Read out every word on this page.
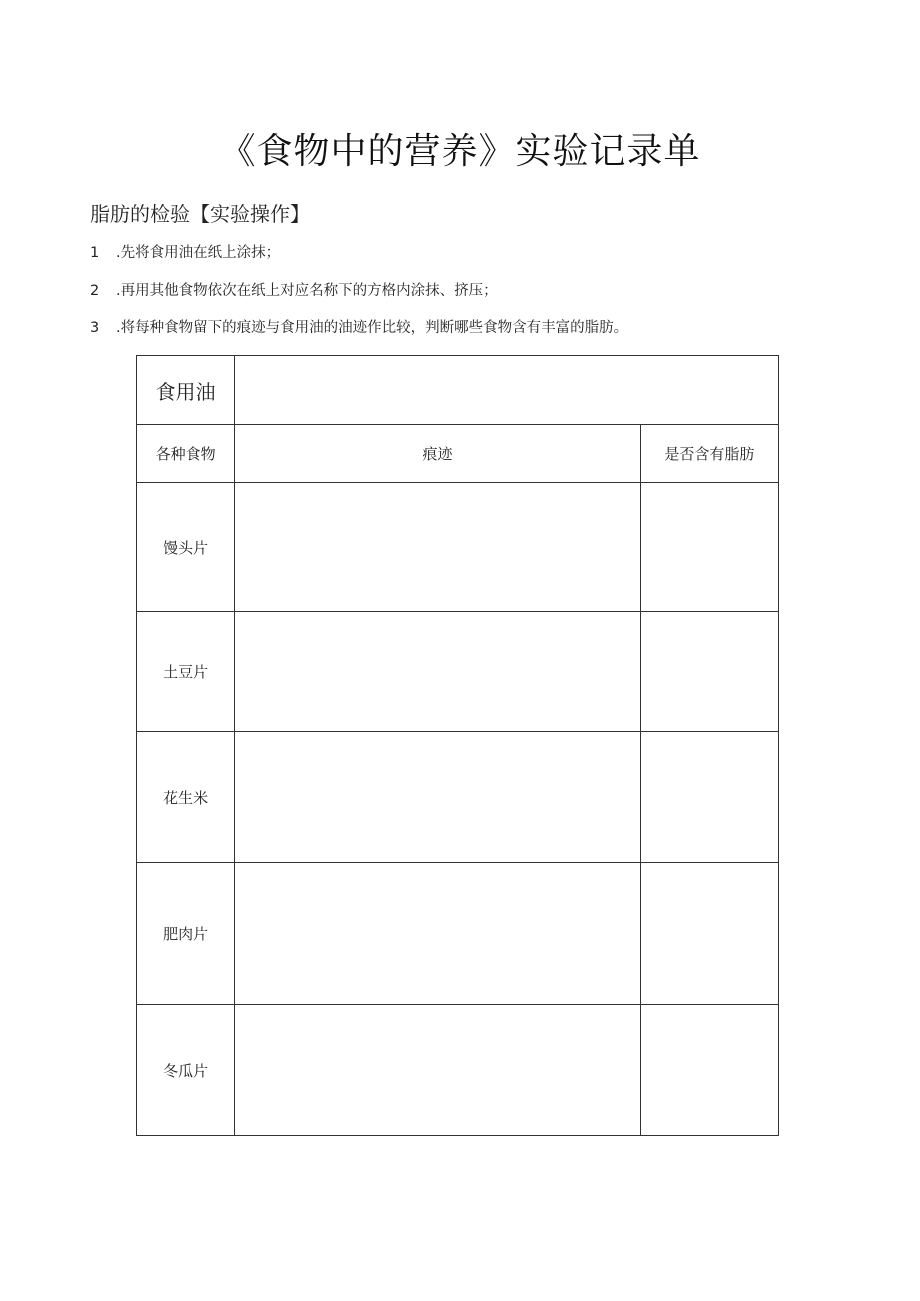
《食物中的营养》实验记录单
脂肪的检验【实验操作】
1 .先将食用油在纸上涂抹；
2 .再用其他食物依次在纸上对应名称下的方格内涂抹、挤压；
3 .将每种食物留下的痕迹与食用油的油迹作比较，判断哪些食物含有丰富的脂肪。
食用油		
各种食物	痕迹	是否含有脂肪
馒头片		
土豆片		
花生米		
肥肉片		
冬瓜片		
